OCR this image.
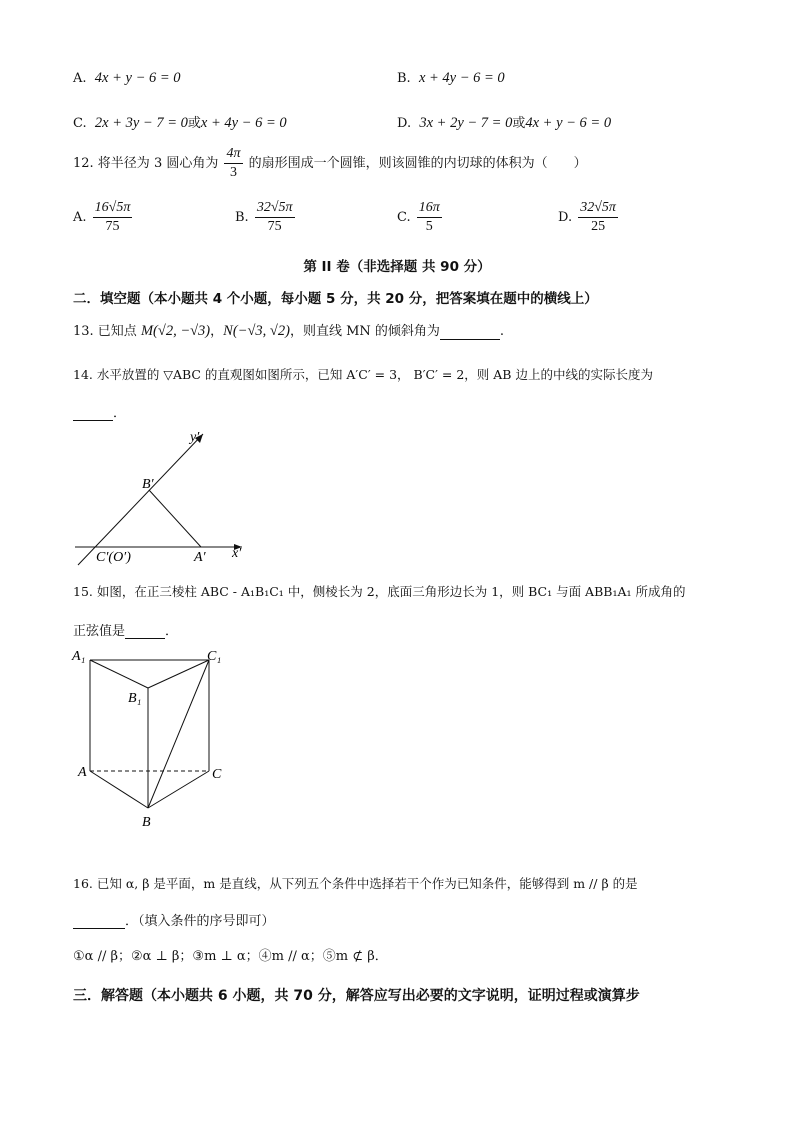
A. 4x + y − 6 = 0	B. x + 4y − 6 = 0
C. 2x + 3y − 7 = 0或x + 4y − 6 = 0	D. 3x + 2y − 7 = 0或4x + y − 6 = 0
12. 将半径为 3 圆心角为 $\frac{4\pi}{3}$ 的扇形围成一个圆锥，则该圆锥的内切球的体积为（　　）
A. $\frac{16√5\pi}{75}$	B. $\frac{32√5\pi}{75}$	C. $\frac{16\pi}{5}$	D. $\frac{32√5\pi}{25}$
第 II 卷（非选择题 共 90 分）
二．填空题（本小题共 4 个小题，每小题 5 分，共 20 分，把答案填在题中的横线上）
13. 已知点 M(√2, −√3)，N(−√3, √2)，则直线 MN 的倾斜角为	.
14. 水平放置的 ▽ABC 的直观图如图所示，已知 A′C′ = 3， B′C′ = 2，则 AB 边上的中线的实际长度为
．
y′
x′
B′
C′(O′)	A′
15. 如图，在正三棱柱 ABC - A₁B₁C₁ 中，侧棱长为 2，底面三角形边长为 1，则 BC₁ 与面 ABB₁A₁ 所成角的
正弦值是	．
A₁	C₁
B₁
A	C
B
16. 已知 α, β 是平面，m 是直线，从下列五个条件中选择若干个作为已知条件，能够得到 m // β 的是
．（填入条件的序号即可）
①α // β；②α ⊥ β；③m ⊥ α；④m // α；⑤m ⊄ β．
三．解答题（本小题共 6 小题，共 70 分，解答应写出必要的文字说明，证明过程或演算步
